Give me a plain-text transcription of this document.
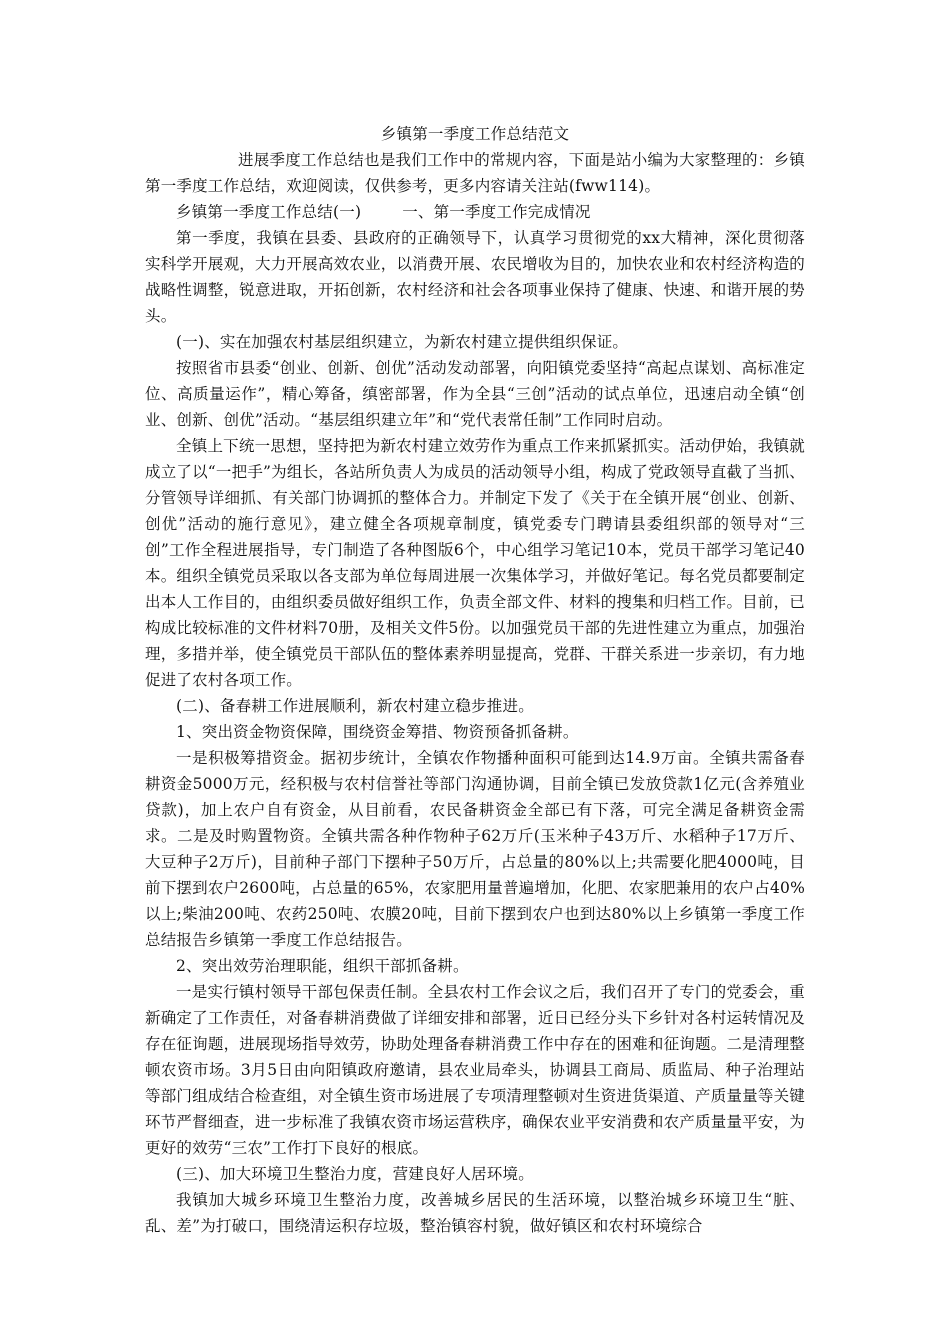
乡镇第一季度工作总结范文
进展季度工作总结也是我们工作中的常规内容，下面是站小编为大家整理的：乡镇第一季度工作总结，欢迎阅读，仅供参考，更多内容请关注站(fww114)。
乡镇第一季度工作总结(一)        一、第一季度工作完成情况
第一季度，我镇在县委、县政府的正确领导下，认真学习贯彻党的xx大精神，深化贯彻落实科学开展观，大力开展高效农业，以消费开展、农民增收为目的，加快农业和农村经济构造的战略性调整，锐意进取，开拓创新，农村经济和社会各项事业保持了健康、快速、和谐开展的势头。
(一)、实在加强农村基层组织建立，为新农村建立提供组织保证。
按照省市县委“创业、创新、创优”活动发动部署，向阳镇党委坚持“高起点谋划、高标准定位、高质量运作”，精心筹备，缜密部署，作为全县“三创”活动的试点单位，迅速启动全镇“创业、创新、创优”活动。“基层组织建立年”和“党代表常任制”工作同时启动。
全镇上下统一思想，坚持把为新农村建立效劳作为重点工作来抓紧抓实。活动伊始，我镇就成立了以“一把手”为组长，各站所负责人为成员的活动领导小组，构成了党政领导直截了当抓、分管领导详细抓、有关部门协调抓的整体合力。并制定下发了《关于在全镇开展“创业、创新、创优”活动的施行意见》，建立健全各项规章制度，镇党委专门聘请县委组织部的领导对“三创”工作全程进展指导，专门制造了各种图版6个，中心组学习笔记10本，党员干部学习笔记40本。组织全镇党员采取以各支部为单位每周进展一次集体学习，并做好笔记。每名党员都要制定出本人工作目的，由组织委员做好组织工作，负责全部文件、材料的搜集和归档工作。目前，已构成比较标准的文件材料70册，及相关文件5份。以加强党员干部的先进性建立为重点，加强治理，多措并举，使全镇党员干部队伍的整体素养明显提高，党群、干群关系进一步亲切，有力地促进了农村各项工作。
(二)、备春耕工作进展顺利，新农村建立稳步推进。
1、突出资金物资保障，围绕资金筹措、物资预备抓备耕。
一是积极筹措资金。据初步统计，全镇农作物播种面积可能到达14.9万亩。全镇共需备春耕资金5000万元，经积极与农村信誉社等部门沟通协调，目前全镇已发放贷款1亿元(含养殖业贷款)，加上农户自有资金，从目前看，农民备耕资金全部已有下落，可完全满足备耕资金需求。二是及时购置物资。全镇共需各种作物种子62万斤(玉米种子43万斤、水稻种子17万斤、大豆种子2万斤)，目前种子部门下摆种子50万斤，占总量的80%以上;共需要化肥4000吨，目前下摆到农户2600吨，占总量的65%，农家肥用量普遍增加，化肥、农家肥兼用的农户占40%以上;柴油200吨、农药250吨、农膜20吨，目前下摆到农户也到达80%以上乡镇第一季度工作总结报告乡镇第一季度工作总结报告。
2、突出效劳治理职能，组织干部抓备耕。
一是实行镇村领导干部包保责任制。全县农村工作会议之后，我们召开了专门的党委会，重新确定了工作责任，对备春耕消费做了详细安排和部署，近日已经分头下乡针对各村运转情况及存在征询题，进展现场指导效劳，协助处理备春耕消费工作中存在的困难和征询题。二是清理整顿农资市场。3月5日由向阳镇政府邀请，县农业局牵头，协调县工商局、质监局、种子治理站等部门组成结合检查组，对全镇生资市场进展了专项清理整顿对生资进货渠道、产质量量等关键环节严督细查，进一步标准了我镇农资市场运营秩序，确保农业平安消费和农产质量量平安，为更好的效劳“三农”工作打下良好的根底。
(三)、加大环境卫生整治力度，营建良好人居环境。
我镇加大城乡环境卫生整治力度，改善城乡居民的生活环境，以整治城乡环境卫生“脏、乱、差”为打破口，围绕清运积存垃圾，整治镇容村貌，做好镇区和农村环境综合
